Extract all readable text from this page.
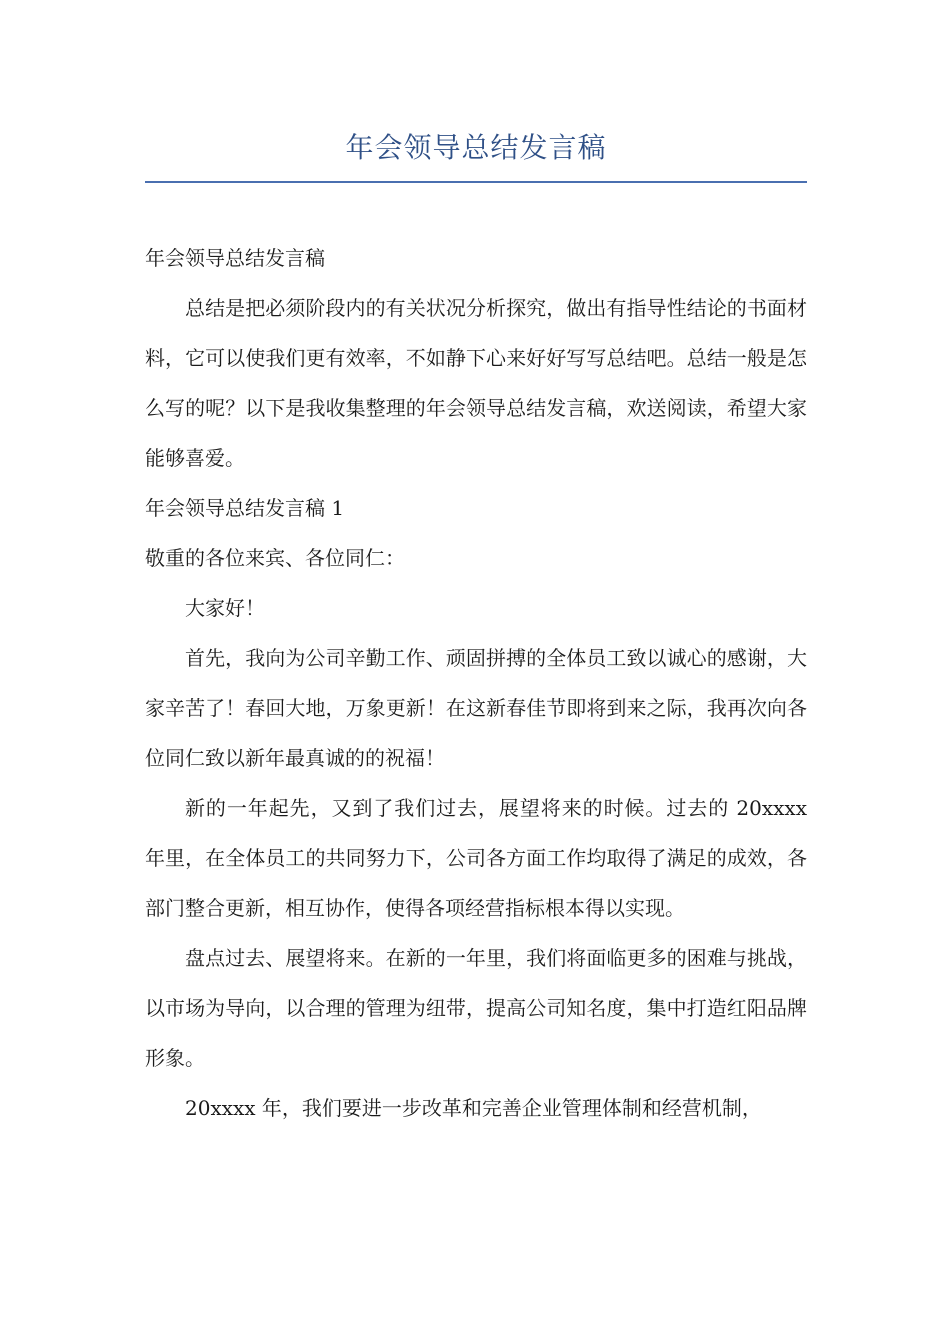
年会领导总结发言稿

年会领导总结发言稿

总结是把必须阶段内的有关状况分析探究，做出有指导性结论的书面材料，它可以使我们更有效率，不如静下心来好好写写总结吧。总结一般是怎么写的呢？以下是我收集整理的年会领导总结发言稿，欢送阅读，希望大家能够喜爱。

年会领导总结发言稿 1

敬重的各位来宾、各位同仁：

大家好！

首先，我向为公司辛勤工作、顽固拼搏的全体员工致以诚心的感谢，大家辛苦了！春回大地，万象更新！在这新春佳节即将到来之际，我再次向各位同仁致以新年最真诚的的祝福！

新的一年起先，又到了我们过去，展望将来的时候。过去的 20xxxx 年里，在全体员工的共同努力下，公司各方面工作均取得了满足的成效，各部门整合更新，相互协作，使得各项经营指标根本得以实现。

盘点过去、展望将来。在新的一年里，我们将面临更多的困难与挑战，以市场为导向，以合理的管理为纽带，提高公司知名度，集中打造红阳品牌形象。

20xxxx 年，我们要进一步改革和完善企业管理体制和经营机制，
